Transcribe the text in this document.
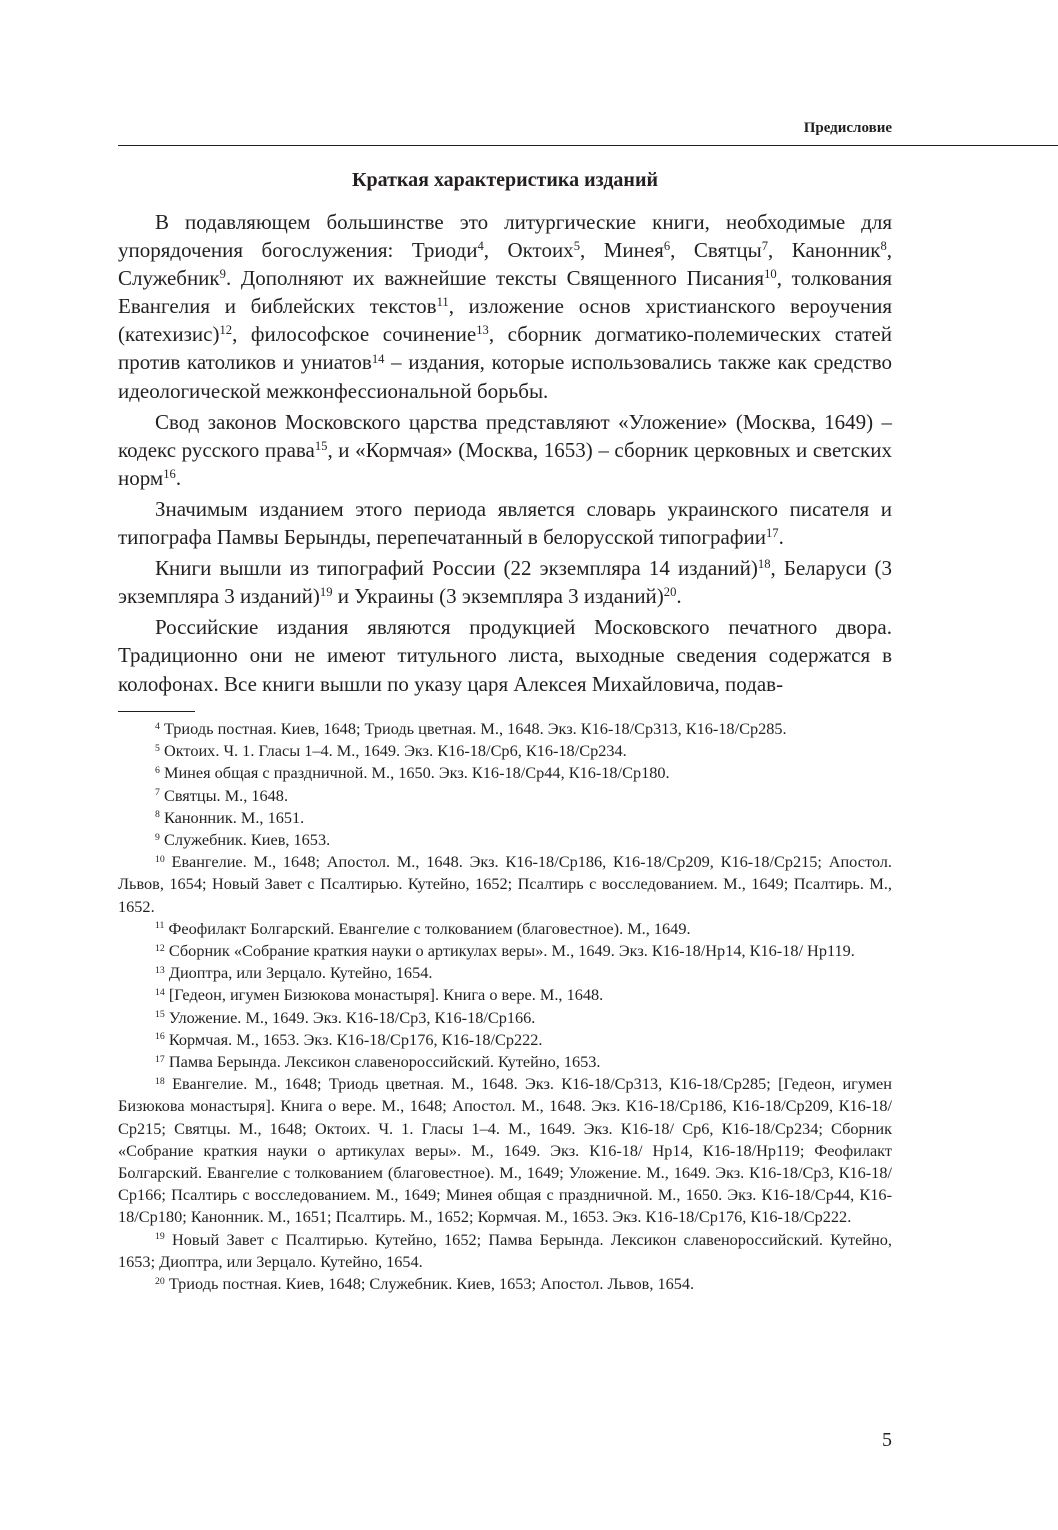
Предисловие
Краткая характеристика изданий

В подавляющем большинстве это литургические книги, необходимые для упорядочения богослужения: Триоди$^4$, Октоих$^5$, Минея$^6$, Святцы$^7$, Канонник$^8$, Служебник$^9$. Дополняют их важнейшие тексты Священного Писания$^{10}$, толкования Евангелия и библейских текстов$^{11}$, изложение основ христианского вероучения (катехизис)$^{12}$, философское сочинение$^{13}$, сборник догматико-полемических статей против католиков и униатов$^{14}$ – издания, которые использовались также как средство идеологической межконфессиональной борьбы.

Свод законов Московского царства представляют «Уложение» (Москва, 1649) – кодекс русского права$^{15}$, и «Кормчая» (Москва, 1653) – сборник церковных и светских норм$^{16}$.

Значимым изданием этого периода является словарь украинского писателя и типографа Памвы Берынды, перепечатанный в белорусской типографии$^{17}$.

Книги вышли из типографий России (22 экземпляра 14 изданий)$^{18}$, Беларуси (3 экземпляра 3 изданий)$^{19}$ и Украины (3 экземпляра 3 изданий)$^{20}$.

Российские издания являются продукцией Московского печатного двора. Традиционно они не имеют титульного листа, выходные сведения содержатся в колофонах. Все книги вышли по указу царя Алексея Михайловича, подав-

$^4$ Триодь постная. Киев, 1648; Триодь цветная. М., 1648. Экз. К16-18/Ср313, К16-18/Ср285.

$^5$ Октоих. Ч. 1. Гласы 1–4. М., 1649. Экз. К16-18/Ср6, К16-18/Ср234.

$^6$ Минея общая с праздничной. М., 1650. Экз. К16-18/Ср44, К16-18/Ср180.

$^7$ Святцы. М., 1648.

$^8$ Канонник. М., 1651.

$^9$ Служебник. Киев, 1653.

$^{10}$ Евангелие. М., 1648; Апостол. М., 1648. Экз. К16-18/Ср186, К16-18/Ср209, К16-18/Ср215; Апостол. Львов, 1654; Новый Завет с Псалтирью. Кутейно, 1652; Псалтирь с восследованием. М., 1649; Псалтирь. М., 1652.

$^{11}$ Феофилакт Болгарский. Евангелие с толкованием (благовестное). М., 1649.

$^{12}$ Сборник «Собрание краткия науки о артикулах веры». М., 1649. Экз. К16-18/Нр14, К16-18/ Нр119.

$^{13}$ Диоптра, или Зерцало. Кутейно, 1654.

$^{14}$ [Гедеон, игумен Бизюкова монастыря]. Книга о вере. М., 1648.

$^{15}$ Уложение. М., 1649. Экз. К16-18/Ср3, К16-18/Ср166.

$^{16}$ Кормчая. М., 1653. Экз. К16-18/Ср176, К16-18/Ср222.

$^{17}$ Памва Берында. Лексикон славенороссийский. Кутейно, 1653.

$^{18}$ Евангелие. М., 1648; Триодь цветная. М., 1648. Экз. К16-18/Ср313, К16-18/Ср285; [Гедеон, игумен Бизюкова монастыря]. Книга о вере. М., 1648; Апостол. М., 1648. Экз. К16-18/Ср186, К16-18/Ср209, К16-18/Ср215; Святцы. М., 1648; Октоих. Ч. 1. Гласы 1–4. М., 1649. Экз. К16-18/ Ср6, К16-18/Ср234; Сборник «Собрание краткия науки о артикулах веры». М., 1649. Экз. К16-18/ Нр14, К16-18/Нр119; Феофилакт Болгарский. Евангелие с толкованием (благовестное). М., 1649; Уложение. М., 1649. Экз. К16-18/Ср3, К16-18/Ср166; Псалтирь с восследованием. М., 1649; Минея общая с праздничной. М., 1650. Экз. К16-18/Ср44, К16-18/Ср180; Канонник. М., 1651; Псалтирь. М., 1652; Кормчая. М., 1653. Экз. К16-18/Ср176, К16-18/Ср222.

$^{19}$ Новый Завет с Псалтирью. Кутейно, 1652; Памва Берында. Лексикон славенороссийский. Кутейно, 1653; Диоптра, или Зерцало. Кутейно, 1654.

$^{20}$ Триодь постная. Киев, 1648; Служебник. Киев, 1653; Апостол. Львов, 1654.

5
